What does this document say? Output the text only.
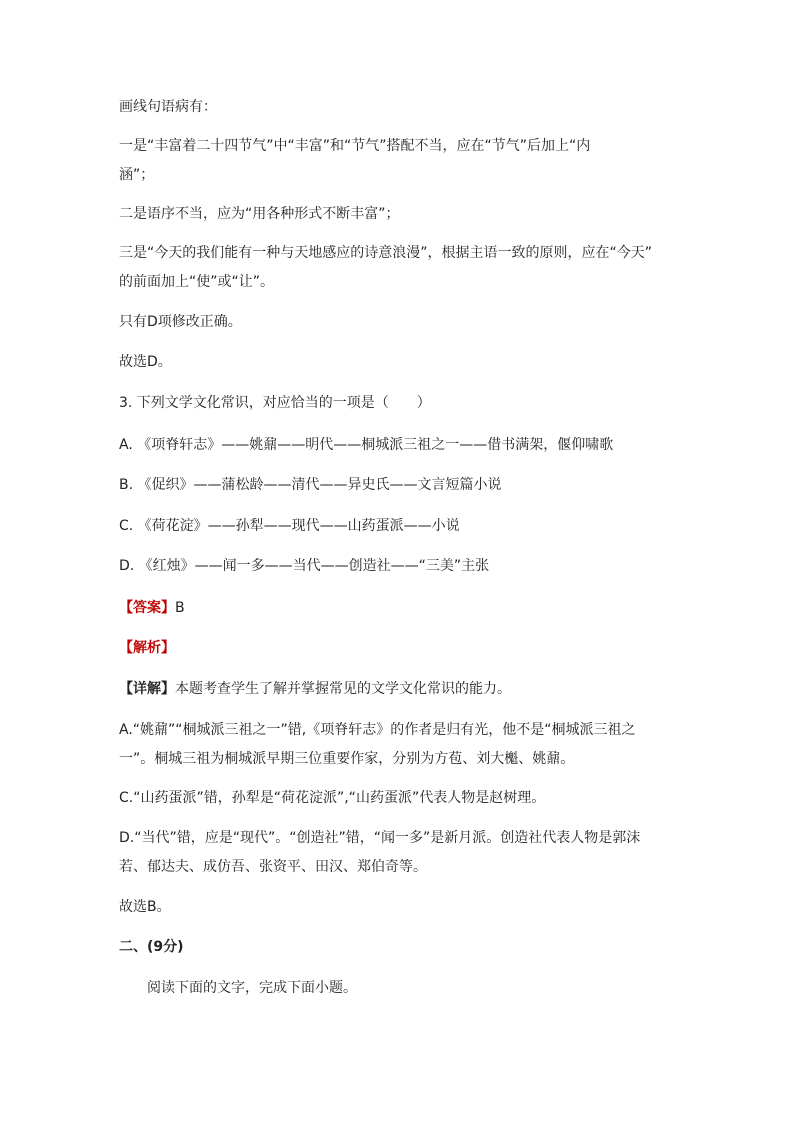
画线句语病有：
一是“丰富着二十四节气”中“丰富”和“节气”搭配不当，应在“节气”后加上“内
涵”；
二是语序不当，应为“用各种形式不断丰富”；
三是“今天的我们能有一种与天地感应的诗意浪漫”，根据主语一致的原则，应在“今天”
的前面加上“使”或“让”。
只有D项修改正确。
故选D。
3. 下列文学文化常识，对应恰当的一项是（　　）
A. 《项脊轩志》——姚鼐——明代——桐城派三祖之一——借书满架，偃仰啸歌
B. 《促织》——蒲松龄——清代——异史氏——文言短篇小说
C. 《荷花淀》——孙犁——现代——山药蛋派——小说
D. 《红烛》——闻一多——当代——创造社——“三美”主张
【答案】B
【解析】
【详解】本题考查学生了解并掌握常见的文学文化常识的能力。
A.“姚鼐”“桐城派三祖之一”错,《项脊轩志》的作者是归有光，他不是“桐城派三祖之
一”。桐城三祖为桐城派早期三位重要作家，分别为方苞、刘大櫆、姚鼐。
C.“山药蛋派”错，孙犁是“荷花淀派”,“山药蛋派”代表人物是赵树理。
D.“当代”错，应是“现代”。“创造社”错，“闻一多”是新月派。创造社代表人物是郭沫
若、郁达夫、成仿吾、张资平、田汉、郑伯奇等。
故选B。
二、(9分)
阅读下面的文字，完成下面小题。
